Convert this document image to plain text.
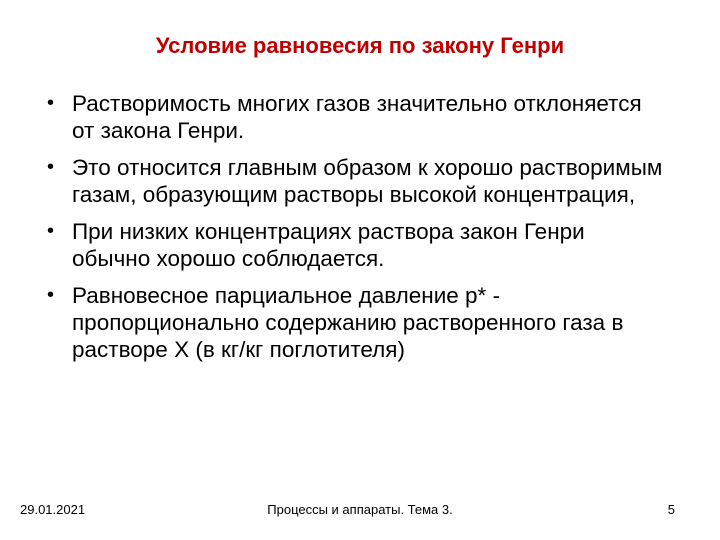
Условие равновесия по закону Генри
• Растворимость многих газов значительно отклоняется от закона Генри.
• Это относится главным образом к хорошо растворимым газам, образующим растворы высокой концентрация,
• При низких концентрациях раствора закон Генри обычно хорошо соблюдается.
• Равновесное парциальное давление p* - пропорционально содержанию растворенного газа в растворе X (в кг/кг поглотителя)
29.01.2021	Процессы и аппараты. Тема 3.	5
